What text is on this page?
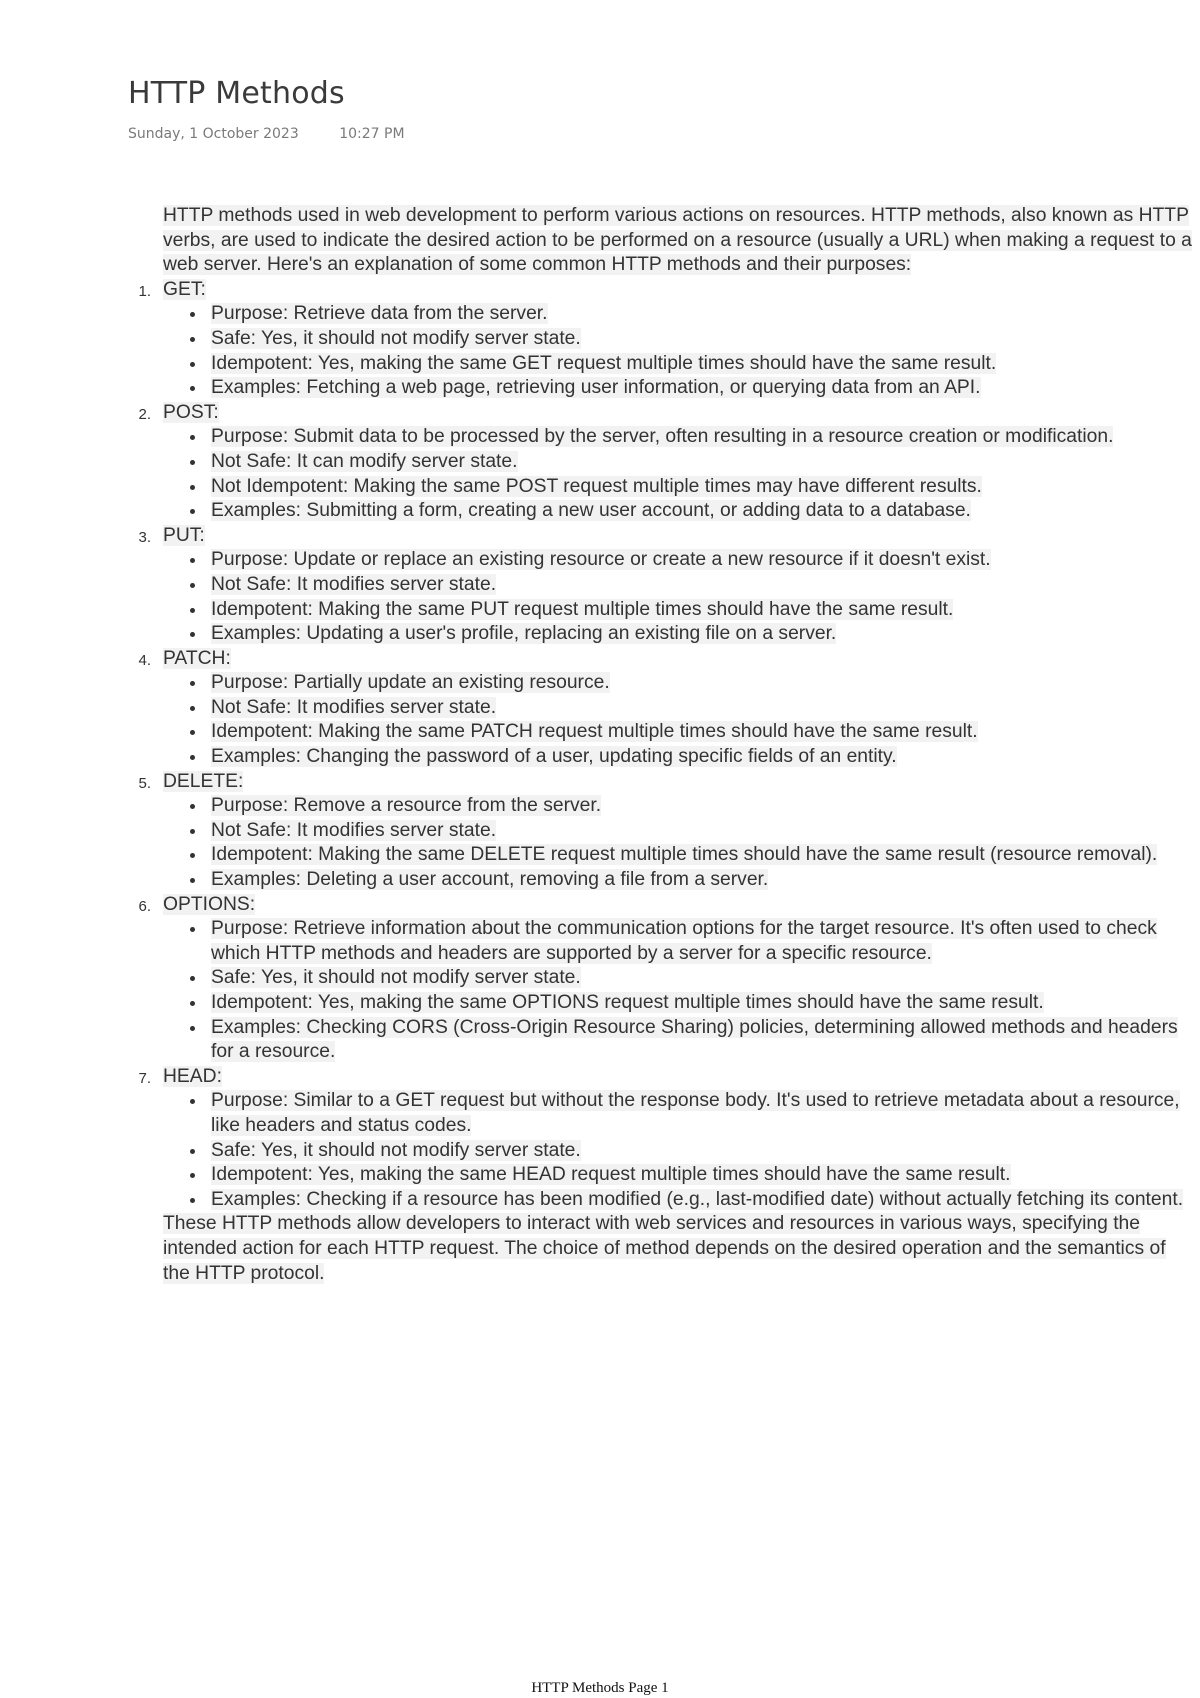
HTTP Methods
Sunday, 1 October 2023	10:27 PM

HTTP methods used in web development to perform various actions on resources. HTTP methods, also known as HTTP verbs, are used to indicate the desired action to be performed on a resource (usually a URL) when making a request to a web server. Here's an explanation of some common HTTP methods and their purposes:

1. GET:
Purpose: Retrieve data from the server.
Safe: Yes, it should not modify server state.
Idempotent: Yes, making the same GET request multiple times should have the same result.
Examples: Fetching a web page, retrieving user information, or querying data from an API.
2. POST:
Purpose: Submit data to be processed by the server, often resulting in a resource creation or modification.
Not Safe: It can modify server state.
Not Idempotent: Making the same POST request multiple times may have different results.
Examples: Submitting a form, creating a new user account, or adding data to a database.
3. PUT:
Purpose: Update or replace an existing resource or create a new resource if it doesn't exist.
Not Safe: It modifies server state.
Idempotent: Making the same PUT request multiple times should have the same result.
Examples: Updating a user's profile, replacing an existing file on a server.
4. PATCH:
Purpose: Partially update an existing resource.
Not Safe: It modifies server state.
Idempotent: Making the same PATCH request multiple times should have the same result.
Examples: Changing the password of a user, updating specific fields of an entity.
5. DELETE:
Purpose: Remove a resource from the server.
Not Safe: It modifies server state.
Idempotent: Making the same DELETE request multiple times should have the same result (resource removal).
Examples: Deleting a user account, removing a file from a server.
6. OPTIONS:
Purpose: Retrieve information about the communication options for the target resource. It's often used to check which HTTP methods and headers are supported by a server for a specific resource.
Safe: Yes, it should not modify server state.
Idempotent: Yes, making the same OPTIONS request multiple times should have the same result.
Examples: Checking CORS (Cross-Origin Resource Sharing) policies, determining allowed methods and headers for a resource.
7. HEAD:
Purpose: Similar to a GET request but without the response body. It's used to retrieve metadata about a resource, like headers and status codes.
Safe: Yes, it should not modify server state.
Idempotent: Yes, making the same HEAD request multiple times should have the same result.
Examples: Checking if a resource has been modified (e.g., last-modified date) without actually fetching its content.

These HTTP methods allow developers to interact with web services and resources in various ways, specifying the intended action for each HTTP request. The choice of method depends on the desired operation and the semantics of the HTTP protocol.

HTTP Methods Page 1
